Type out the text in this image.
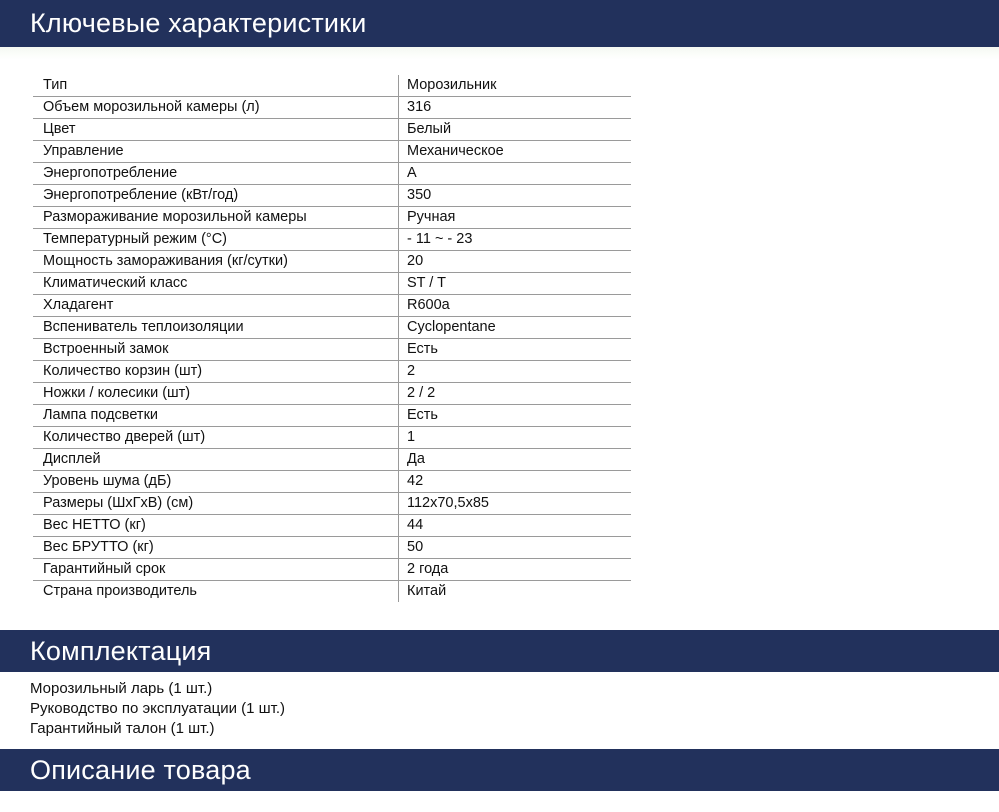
Ключевые характеристики
Тип	Морозильник
Объем морозильной камеры (л)	316
Цвет	Белый
Управление	Механическое
Энергопотребление	A
Энергопотребление (кВт/год)	350
Размораживание морозильной камеры	Ручная
Температурный режим (°C)	- 11 ~ - 23
Мощность замораживания (кг/сутки)	20
Климатический класс	ST / T
Хладагент	R600a
Вспениватель теплоизоляции	Cyclopentane
Встроенный замок	Есть
Количество корзин (шт)	2
Ножки / колесики (шт)	2 / 2
Лампа подсветки	Есть
Количество дверей (шт)	1
Дисплей	Да
Уровень шума (дБ)	42
Размеры (ШхГхВ) (см)	112x70,5x85
Вес НЕТТО (кг)	44
Вес БРУТТО (кг)	50
Гарантийный срок	2 года
Страна производитель	Китай
Комплектация
Морозильный ларь (1 шт.)
Руководство по эксплуатации (1 шт.)
Гарантийный талон (1 шт.)
Описание товара
